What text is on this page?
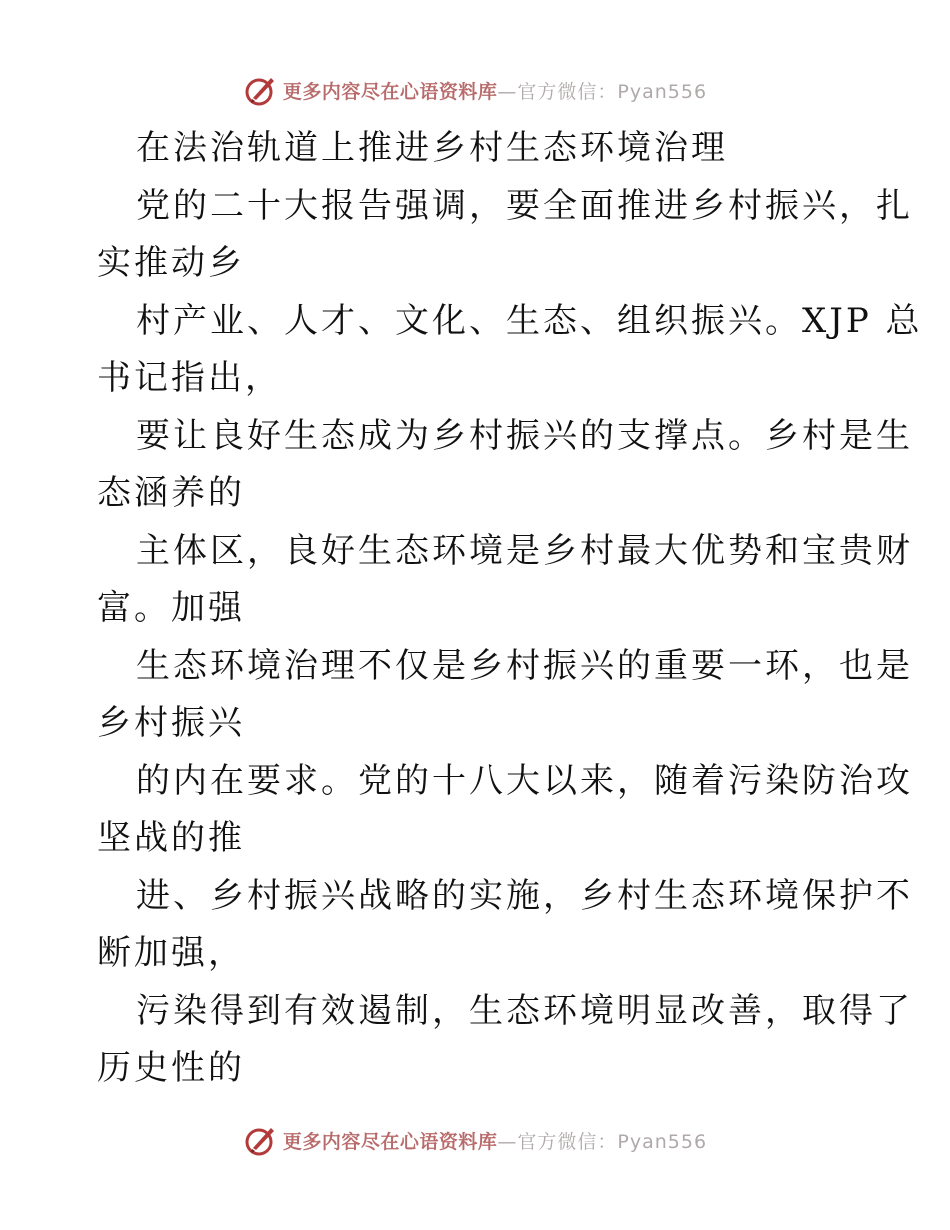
更多内容尽在心语资料库 —官方微信：Pyan556
在法治轨道上推进乡村生态环境治理
党的二十大报告强调，要全面推进乡村振兴，扎
实推动乡
村产业、人才、文化、生态、组织振兴。XJP 总
书记指出，
要让良好生态成为乡村振兴的支撑点。乡村是生
态涵养的
主体区，良好生态环境是乡村最大优势和宝贵财
富。加强
生态环境治理不仅是乡村振兴的重要一环，也是
乡村振兴
的内在要求。党的十八大以来，随着污染防治攻
坚战的推
进、乡村振兴战略的实施，乡村生态环境保护不
断加强，
污染得到有效遏制，生态环境明显改善，取得了
历史性的
更多内容尽在心语资料库 —官方微信：Pyan556
